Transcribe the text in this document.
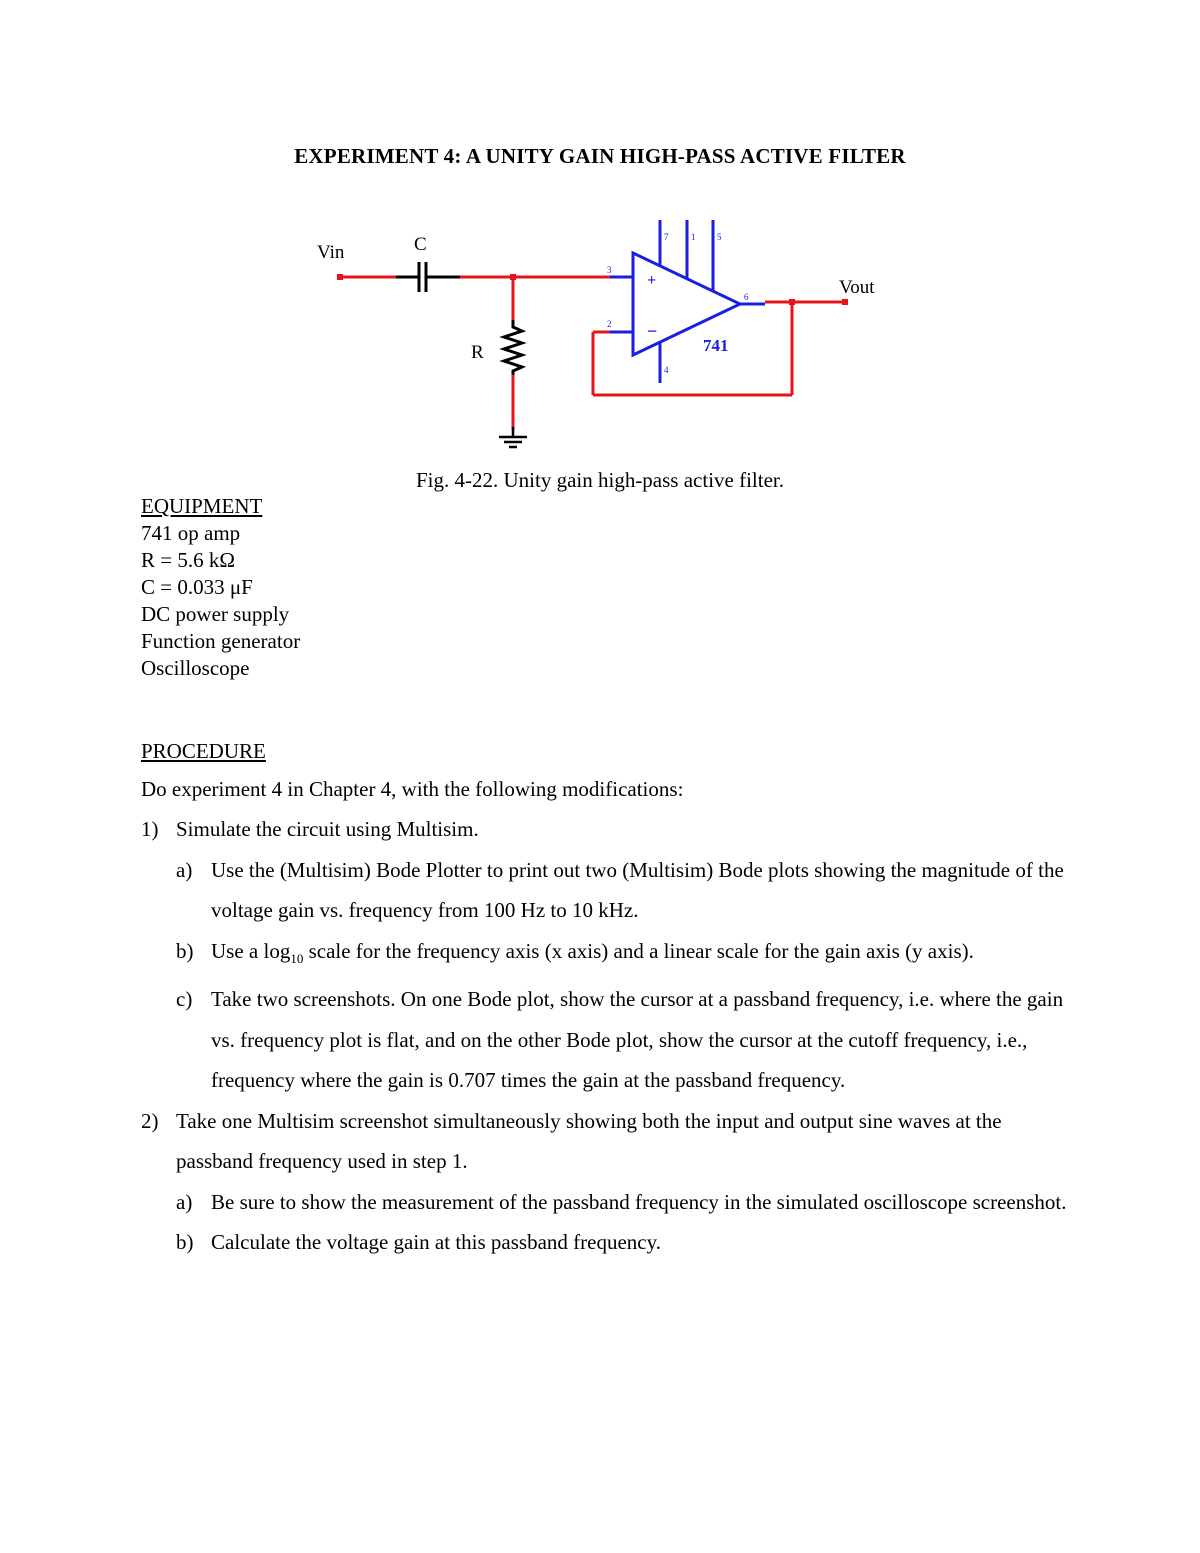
EXPERIMENT 4: A UNITY GAIN HIGH-PASS ACTIVE FILTER
+
−
741
7	1 5
3
2
6
4
Vin	C
R
Vout
Fig. 4-22. Unity gain high-pass active filter.
EQUIPMENT
741 op amp
R = 5.6 kΩ
C = 0.033 μF
DC power supply
Function generator
Oscilloscope
PROCEDURE
Do experiment 4 in Chapter 4, with the following modifications:
1) Simulate the circuit using Multisim.
a) Use the (Multisim) Bode Plotter to print out two (Multisim) Bode plots showing the magnitude of the voltage gain vs. frequency from 100 Hz to 10 kHz.
b) Use a $\log_{10}$ scale for the frequency axis (x axis) and a linear scale for the gain axis (y axis).
c) Take two screenshots. On one Bode plot, show the cursor at a passband frequency, i.e. where the gain vs. frequency plot is flat, and on the other Bode plot, show the cursor at the cutoff frequency, i.e., frequency where the gain is 0.707 times the gain at the passband frequency.
2) Take one Multisim screenshot simultaneously showing both the input and output sine waves at the passband frequency used in step 1.
a) Be sure to show the measurement of the passband frequency in the simulated oscilloscope screenshot.
b) Calculate the voltage gain at this passband frequency.
